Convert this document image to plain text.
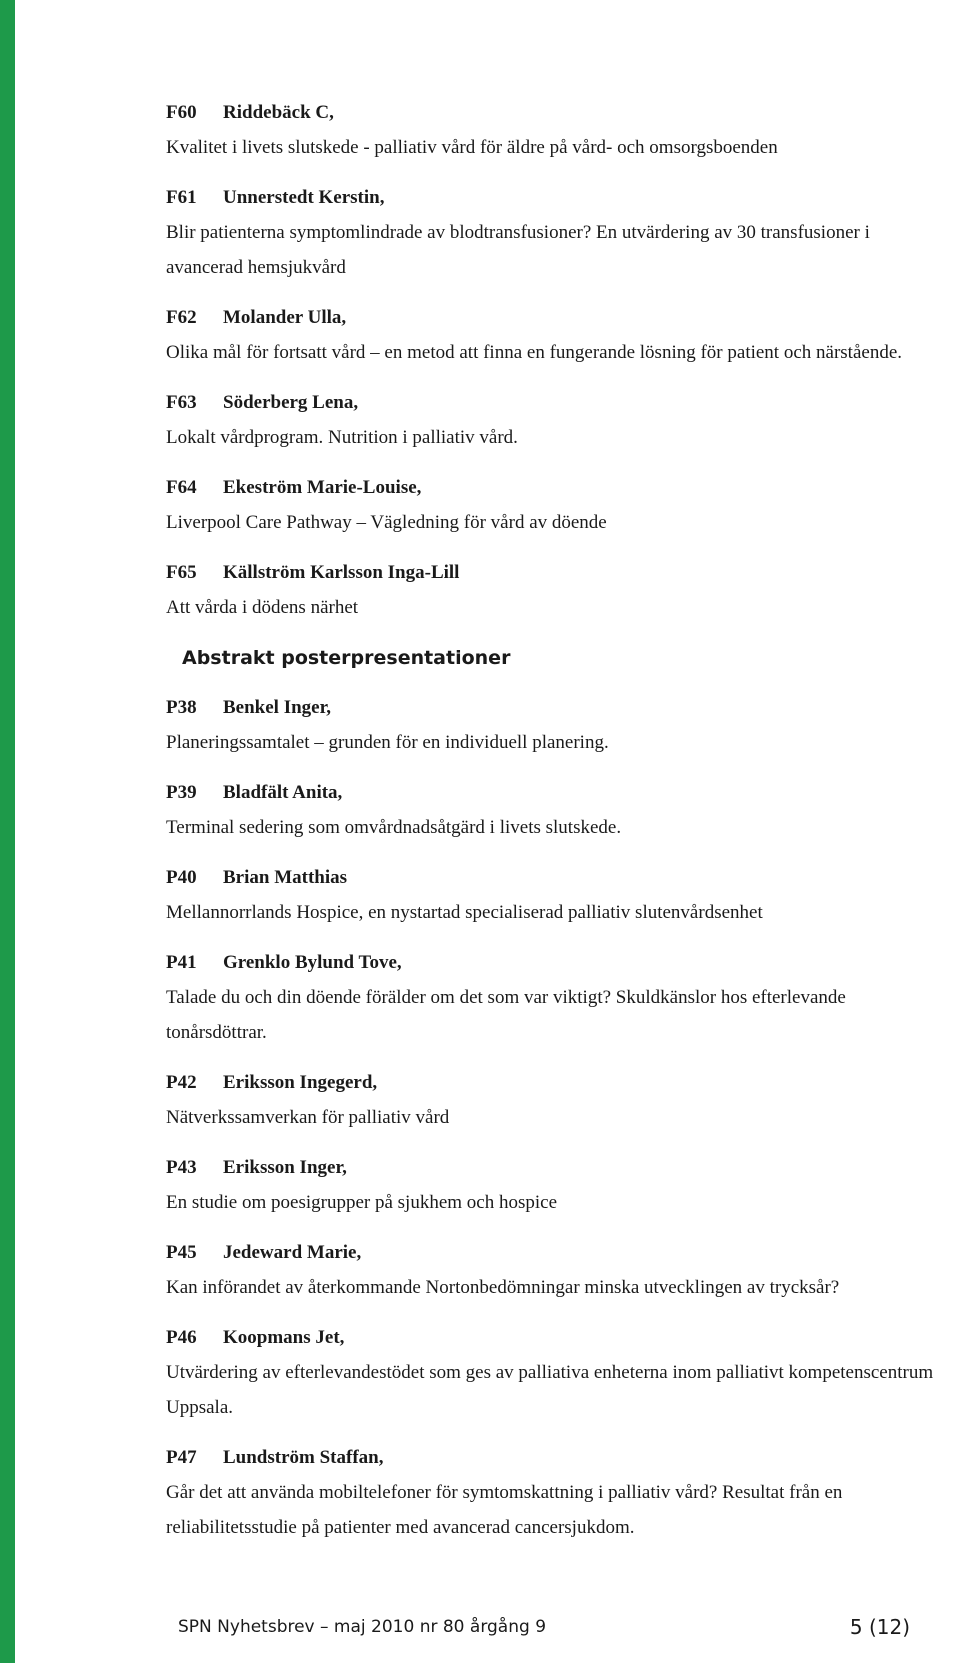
F60 Riddebäck C,
Kvalitet i livets slutskede - palliativ vård för äldre på vård- och omsorgsboenden
F61 Unnerstedt Kerstin,
Blir patienterna symptomlindrade av blodtransfusioner? En utvärdering av 30 transfusioner i avancerad hemsjukvård
F62 Molander Ulla,
Olika mål för fortsatt vård – en metod att finna en fungerande lösning för patient och närstående.
F63 Söderberg Lena,
Lokalt vårdprogram. Nutrition i palliativ vård.
F64 Ekeström Marie-Louise,
Liverpool Care Pathway – Vägledning för vård av döende
F65 Källström Karlsson Inga-Lill
Att vårda i dödens närhet
Abstrakt posterpresentationer
P38 Benkel Inger,
Planeringssamtalet – grunden för en individuell planering.
P39 Bladfält Anita,
Terminal sedering som omvårdnadsåtgärd i livets slutskede.
P40 Brian Matthias
Mellannorrlands Hospice, en nystartad specialiserad palliativ slutenvårdsenhet
P41 Grenklo Bylund Tove,
Talade du och din döende förälder om det som var viktigt? Skuldkänslor hos efterlevande tonårsdöttrar.
P42 Eriksson Ingegerd,
Nätverkssamverkan för palliativ vård
P43 Eriksson Inger,
En studie om poesigrupper på sjukhem och hospice
P45 Jedeward Marie,
Kan införandet av återkommande Nortonbedömningar minska utvecklingen av trycksår?
P46 Koopmans Jet,
Utvärdering av efterlevandestödet som ges av palliativa enheterna inom palliativt kompetenscentrum Uppsala.
P47 Lundström Staffan,
Går det att använda mobiltelefoner för symtomskattning i palliativ vård? Resultat från en reliabilitetsstudie på patienter med avancerad cancersjukdom.
SPN Nyhetsbrev – maj 2010 nr 80 årgång 9	5 (12)
